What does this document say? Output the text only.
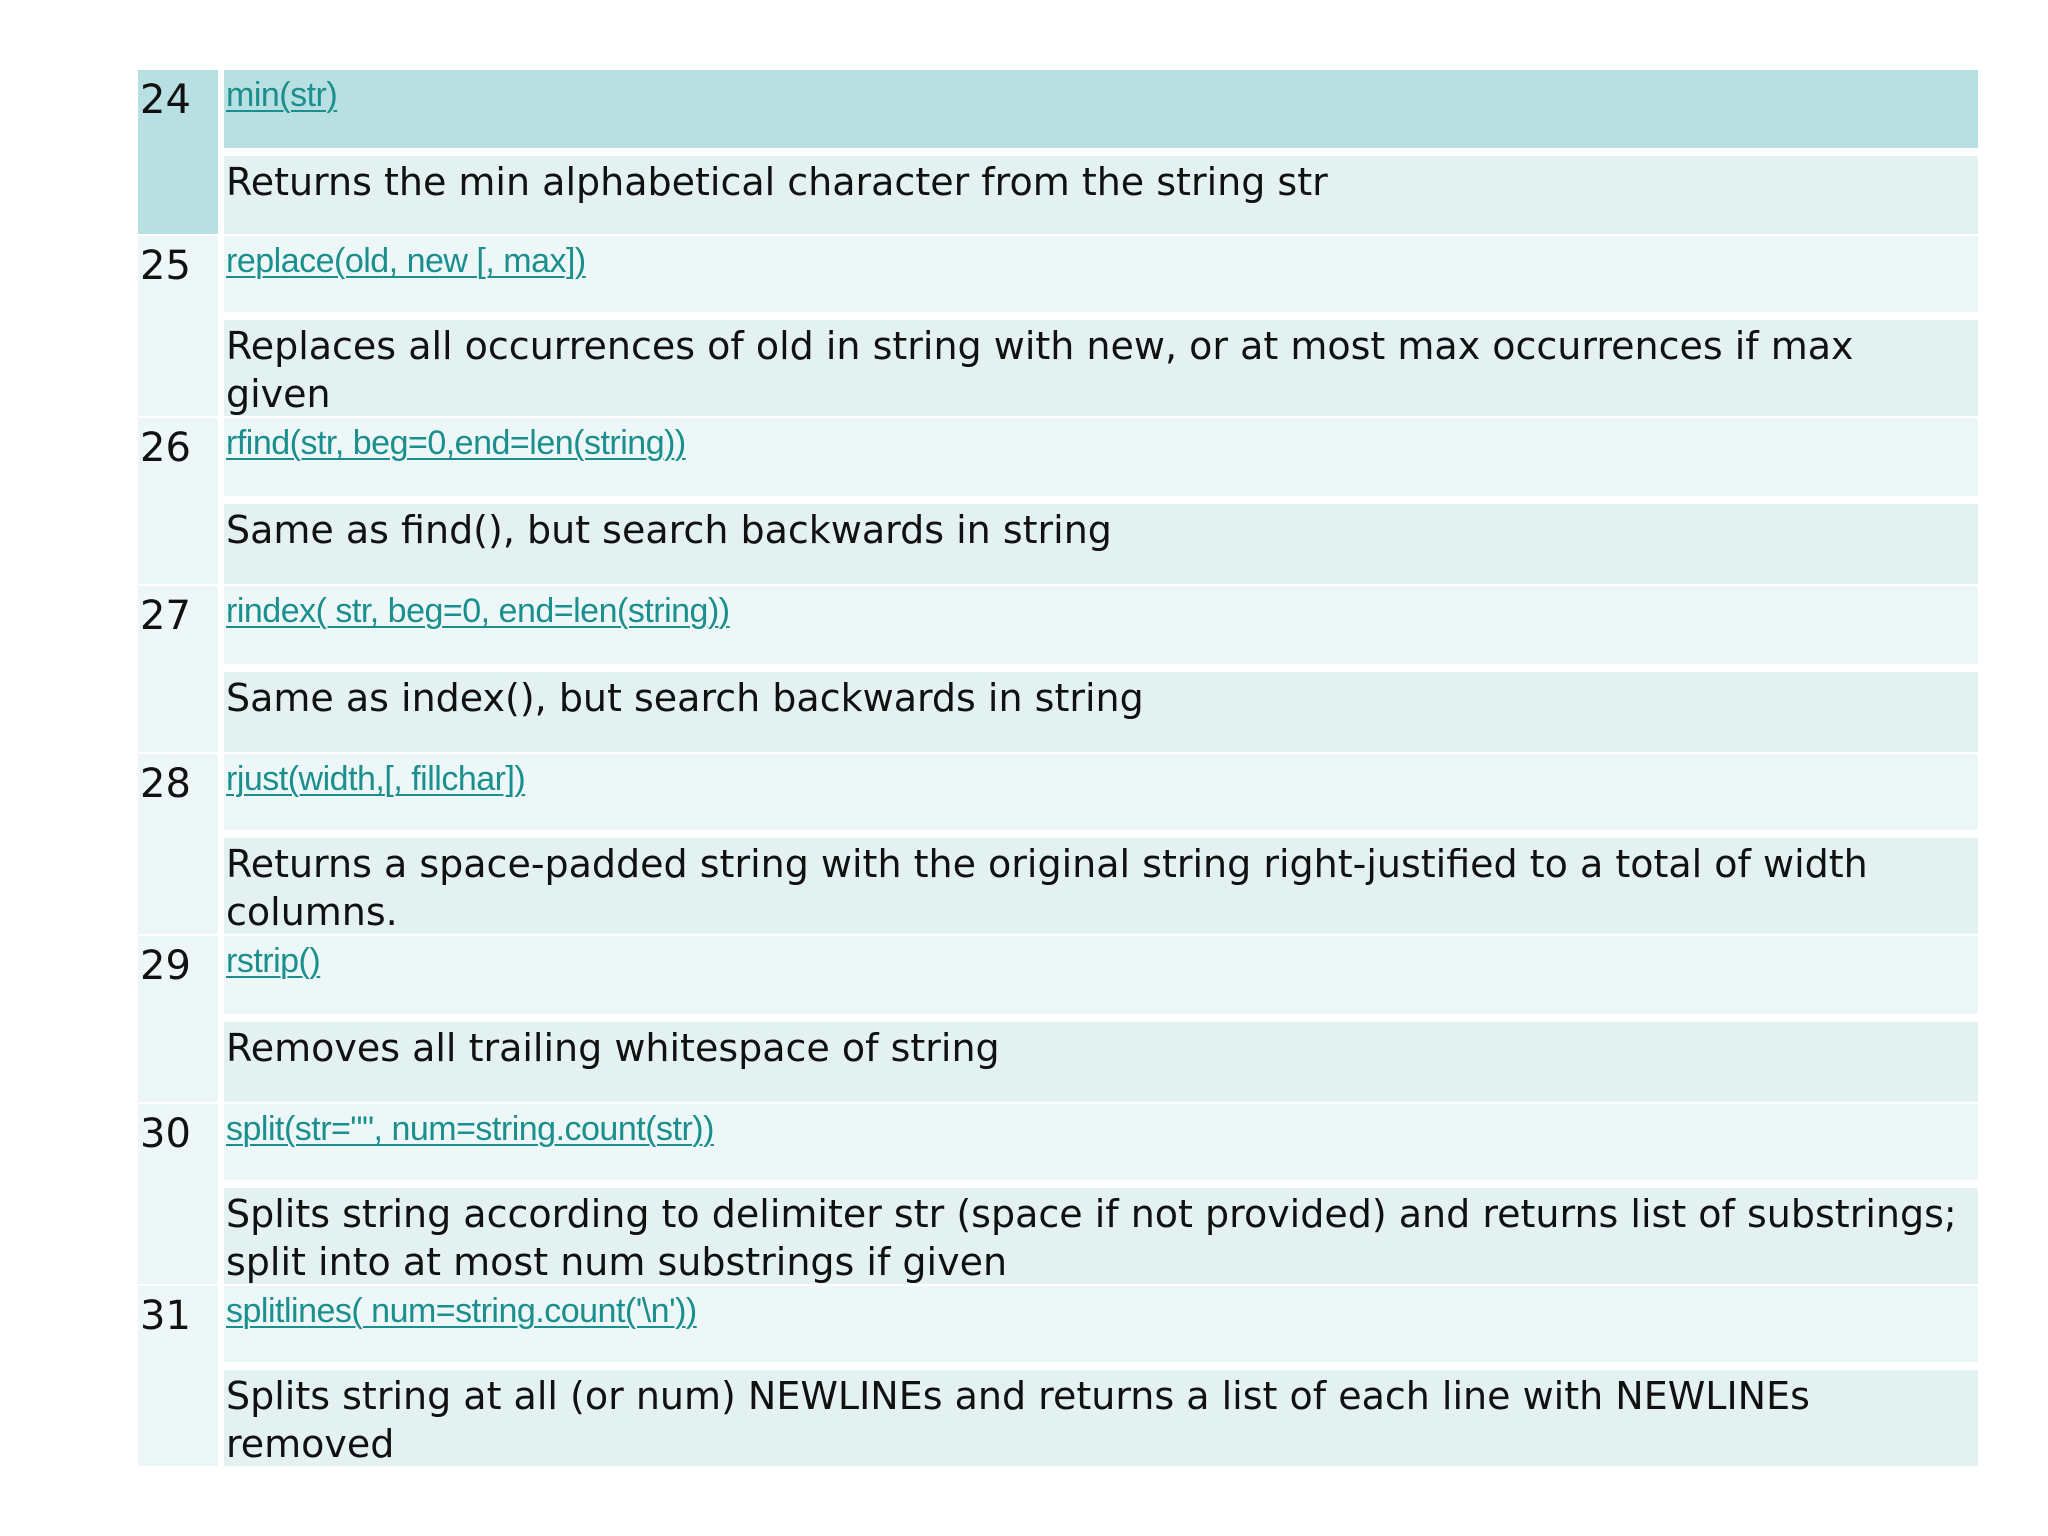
24	min(str)
Returns the min alphabetical character from the string str
25	replace(old, new [, max])
Replaces all occurrences of old in string with new, or at most max occurrences if max given
26	rfind(str, beg=0,end=len(string))
Same as find(), but search backwards in string
27	rindex( str, beg=0, end=len(string))
Same as index(), but search backwards in string
28	rjust(width,[, fillchar])
Returns a space-padded string with the original string right-justified to a total of width columns.
29	rstrip()
Removes all trailing whitespace of string
30	split(str="", num=string.count(str))
Splits string according to delimiter str (space if not provided) and returns list of substrings; split into at most num substrings if given
31	splitlines( num=string.count('\n'))
Splits string at all (or num) NEWLINEs and returns a list of each line with NEWLINEs removed
